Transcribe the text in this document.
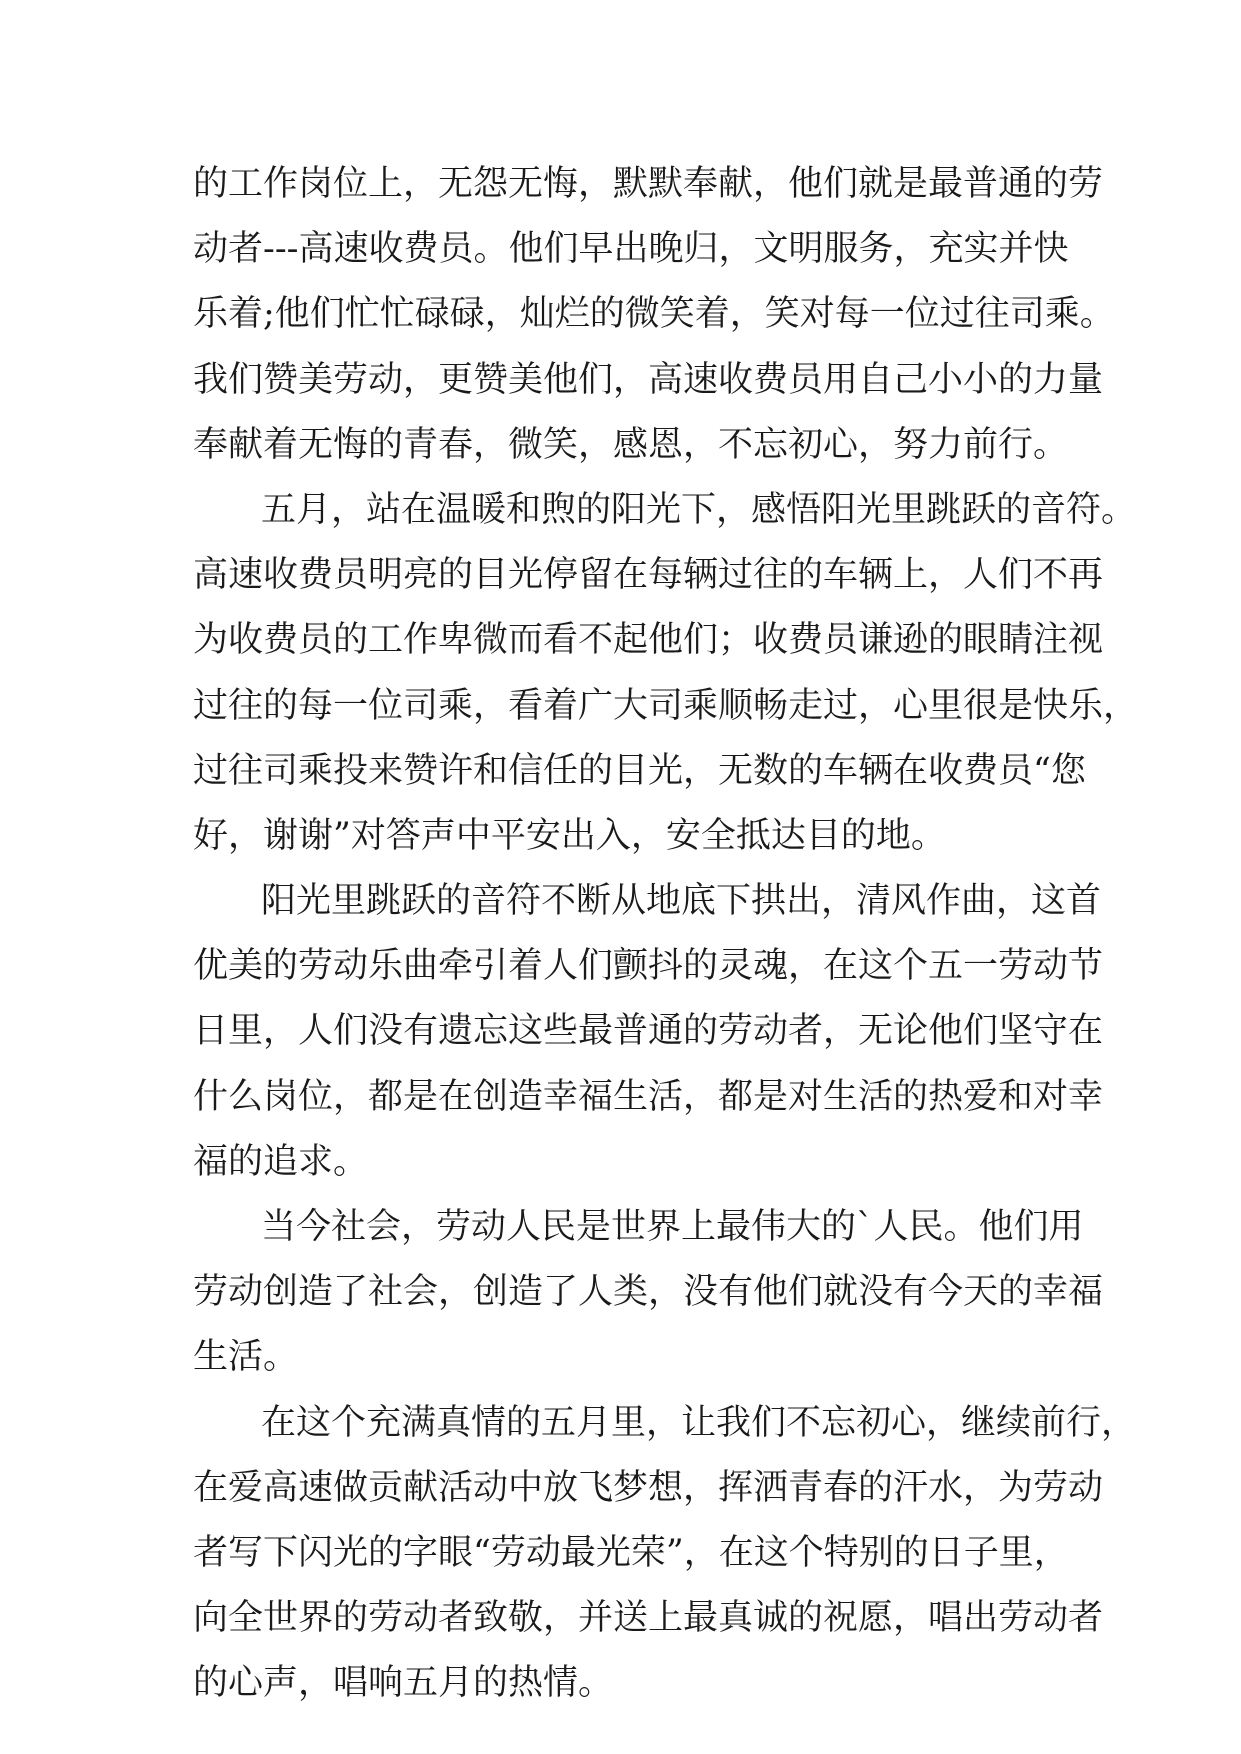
的工作岗位上，无怨无悔，默默奉献，他们就是最普通的劳
动者---高速收费员。他们早出晚归，文明服务，充实并快
乐着;他们忙忙碌碌，灿烂的微笑着，笑对每一位过往司乘。
我们赞美劳动，更赞美他们，高速收费员用自己小小的力量
奉献着无悔的青春，微笑，感恩，不忘初心，努力前行。
五月，站在温暖和煦的阳光下，感悟阳光里跳跃的音符。
高速收费员明亮的目光停留在每辆过往的车辆上，人们不再
为收费员的工作卑微而看不起他们；收费员谦逊的眼睛注视
过往的每一位司乘，看着广大司乘顺畅走过，心里很是快乐，
过往司乘投来赞许和信任的目光，无数的车辆在收费员“您
好，谢谢”对答声中平安出入，安全抵达目的地。
阳光里跳跃的音符不断从地底下拱出，清风作曲，这首
优美的劳动乐曲牵引着人们颤抖的灵魂，在这个五一劳动节
日里，人们没有遗忘这些最普通的劳动者，无论他们坚守在
什么岗位，都是在创造幸福生活，都是对生活的热爱和对幸
福的追求。
当今社会，劳动人民是世界上最伟大的`人民。他们用
劳动创造了社会，创造了人类，没有他们就没有今天的幸福
生活。
在这个充满真情的五月里，让我们不忘初心，继续前行，
在爱高速做贡献活动中放飞梦想，挥洒青春的汗水，为劳动
者写下闪光的字眼“劳动最光荣”，在这个特别的日子里，
向全世界的劳动者致敬，并送上最真诚的祝愿，唱出劳动者
的心声，唱响五月的热情。
